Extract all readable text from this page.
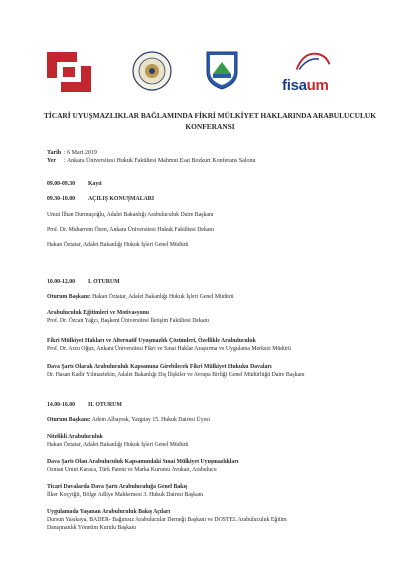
fisaum
TİCARİ UYUŞMAZLIKLAR BAĞLAMINDA FİKRİ MÜLKİYET HAKLARINDA ARABULUCULUK
KONFERANSI
Tarih : 6 Mart 2019
Yer : Ankara Üniversitesi Hukuk Fakültesi Mahmut Esat Bozkurt Konferans Salonu
09.00-09.30 Kayıt
09.30-10.00 AÇILIŞ KONUŞMALARI
Umut İlhan Durmuşoğlu, Adalet Bakanlığı Arabuluculuk Daire Başkanı
Prof. Dr. Muharrem Özen, Ankara Üniversitesi Hukuk Fakültesi Dekanı
Hakan Öztatar, Adalet Bakanlığı Hukuk İşleri Genel Müdürü
10.00-12.00 I. OTURUM
Oturum Başkanı: Hakan Öztatar, Adalet Bakanlığı Hukuk İşleri Genel Müdürü
Arabuluculuk Eğitimleri ve Motivasyonu
Prof. Dr. Özcan Yağcı, Başkent Üniversitesi İletişim Fakültesi Dekanı
Fikri Mülkiyet Hakları ve Alternatif Uyuşmazlık Çözümleri, Özellikle Arabuluculuk
Prof. Dr. Arzu Oğuz, Ankara Üniversitesi Fikri ve Sınai Haklar Araştırma ve Uygulama Merkezi Müdürü
Dava Şartı Olarak Arabuluculuk Kapsamına Girebilecek Fikri Mülkiyet Hukuku Davaları
Dr. Hasan Kadir Yılmaztekin, Adalet Bakanlığı Dış İlişkiler ve Avrupa Birliği Genel Müdürlüğü Daire Başkanı
14.00-16.00 II. OTURUM
Oturum Başkanı: Adem Albayrak, Yargıtay 15. Hukuk Dairesi Üyesi
Nitelikli Arabuluculuk
Hakan Öztatar, Adalet Bakanlığı Hukuk İşleri Genel Müdürü
Dava Şartı Olan Arabuluculuk Kapsamındaki Sınai Mülkiyet Uyuşmazlıkları
Osman Umut Karaca, Türk Patent ve Marka Kurumu Avukatı, Arabulucu
Ticari Davalarda Dava Şartı Arabuluculuğa Genel Bakış
İlker Koçyiğit, Bölge Adliye Mahkemesi 3. Hukuk Dairesi Başkanı
Uygulamada Yaşanan Arabuluculuk Bakış Açıları
Dursun Yasıkaya, BADER- Bağımsız Arabulucular Derneği Başkanı ve DOSTEL Arabuluculuk Eğitim
Danışmanlık Yönetim Kurulu Başkanı
